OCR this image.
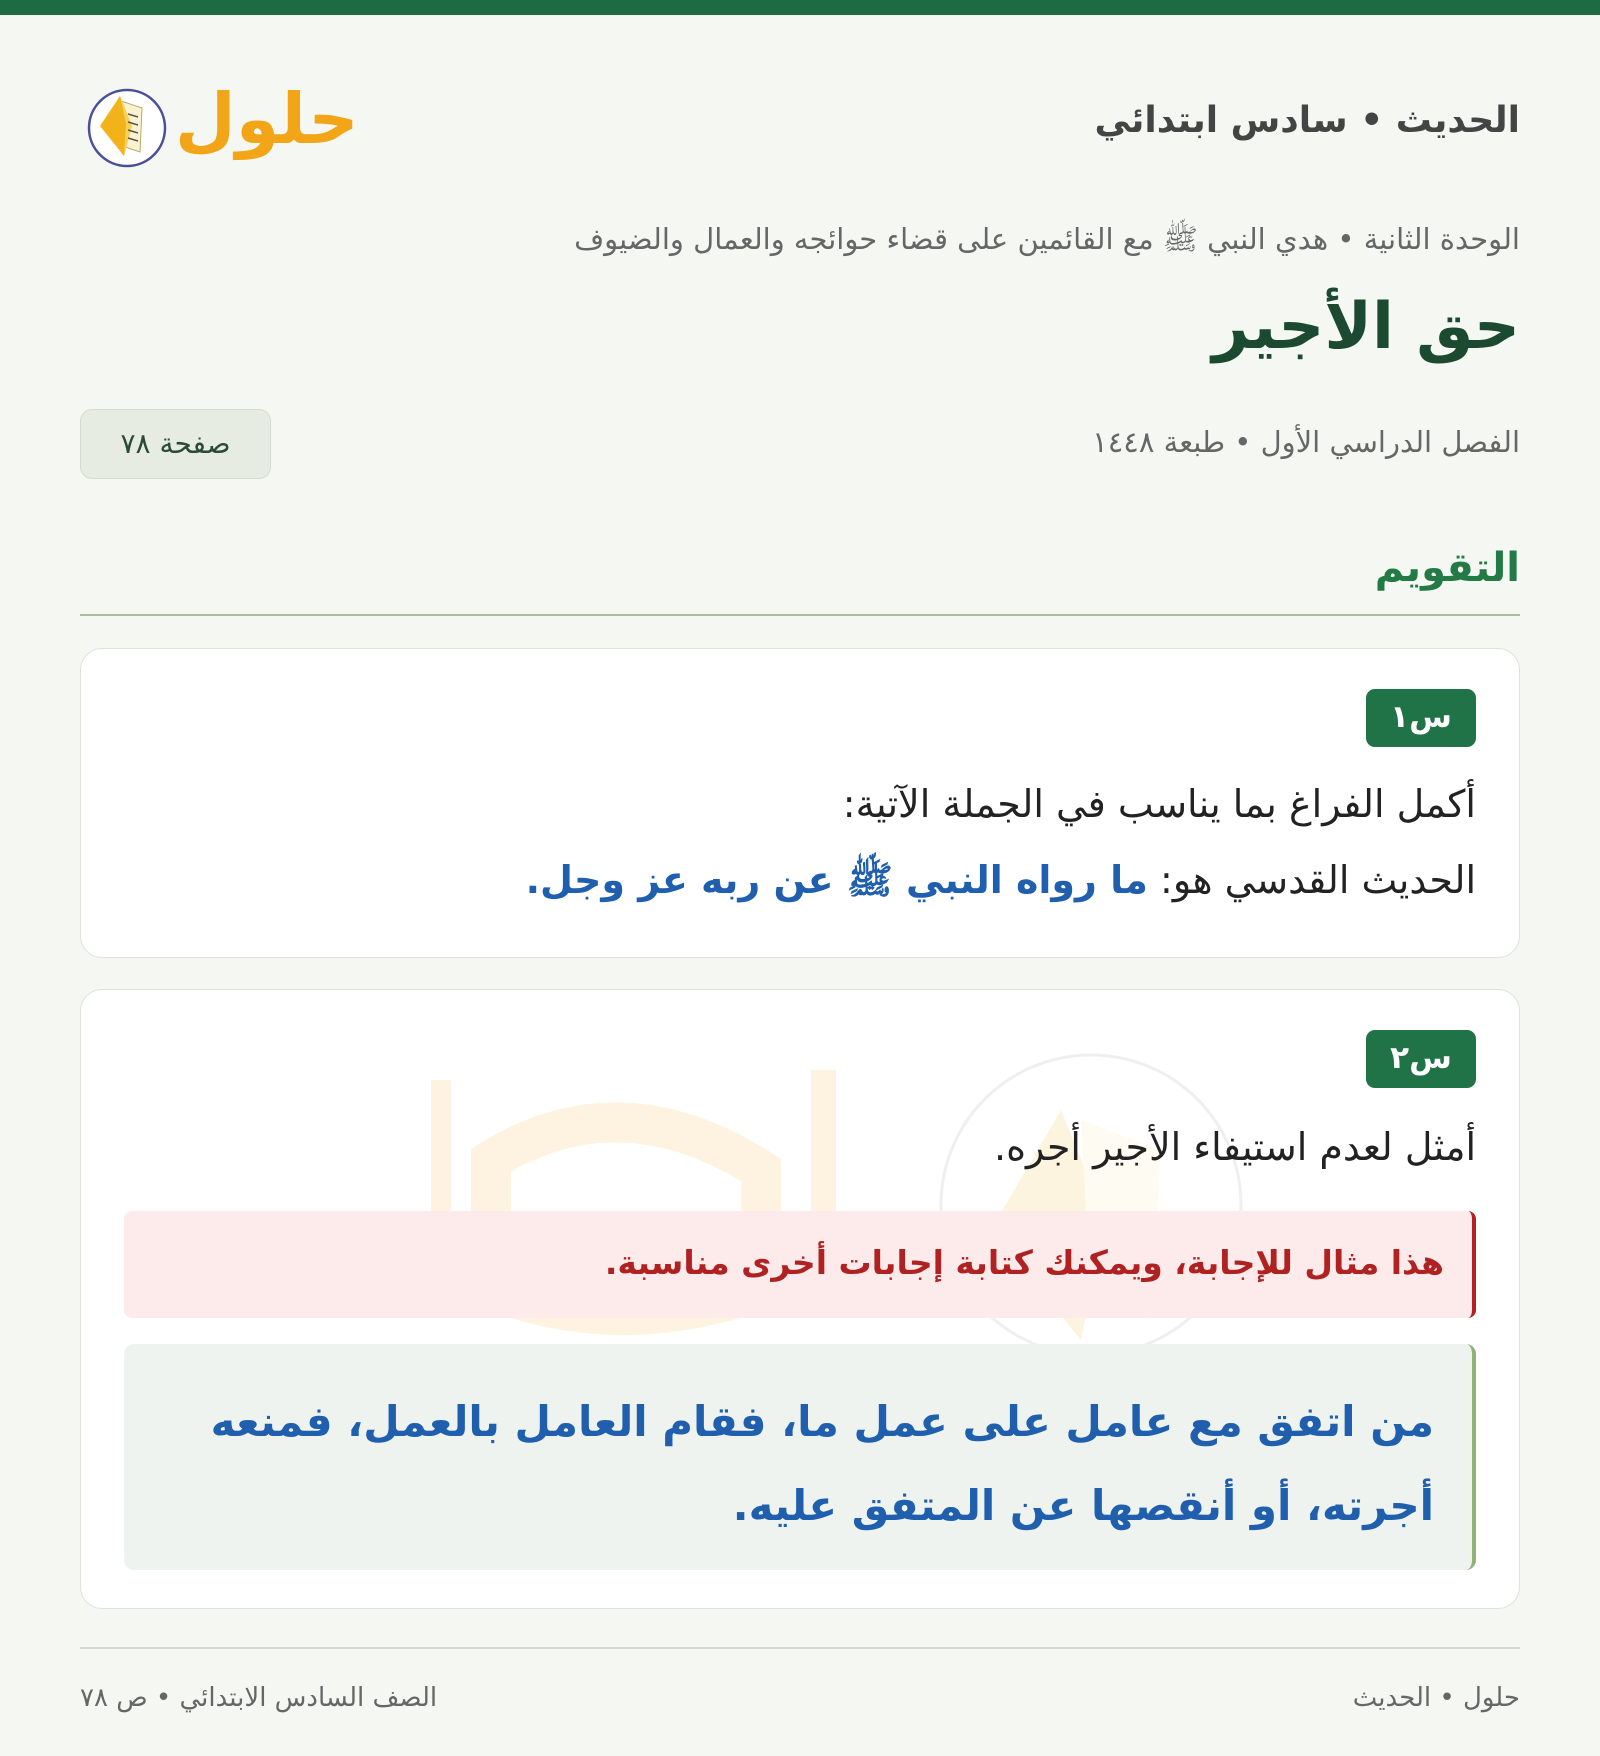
الحديث • سادس ابتدائي
حلول
الوحدة الثانية • هدي النبي ﷺ مع القائمين على قضاء حوائجه والعمال والضيوف
حق الأجير
الفصل الدراسي الأول • طبعة ١٤٤٨
صفحة ٧٨
التقويم
س١
أكمل الفراغ بما يناسب في الجملة الآتية:
الحديث القدسي هو: ما رواه النبي ﷺ عن ربه عز وجل.
س٢
أمثل لعدم استيفاء الأجير أجره.
هذا مثال للإجابة، ويمكنك كتابة إجابات أخرى مناسبة.

من اتفق مع عامل على عمل ما، فقام العامل بالعمل، فمنعه أجرته، أو أنقصها عن المتفق عليه.

حلول • الحديث
الصف السادس الابتدائي • ص ٧٨
